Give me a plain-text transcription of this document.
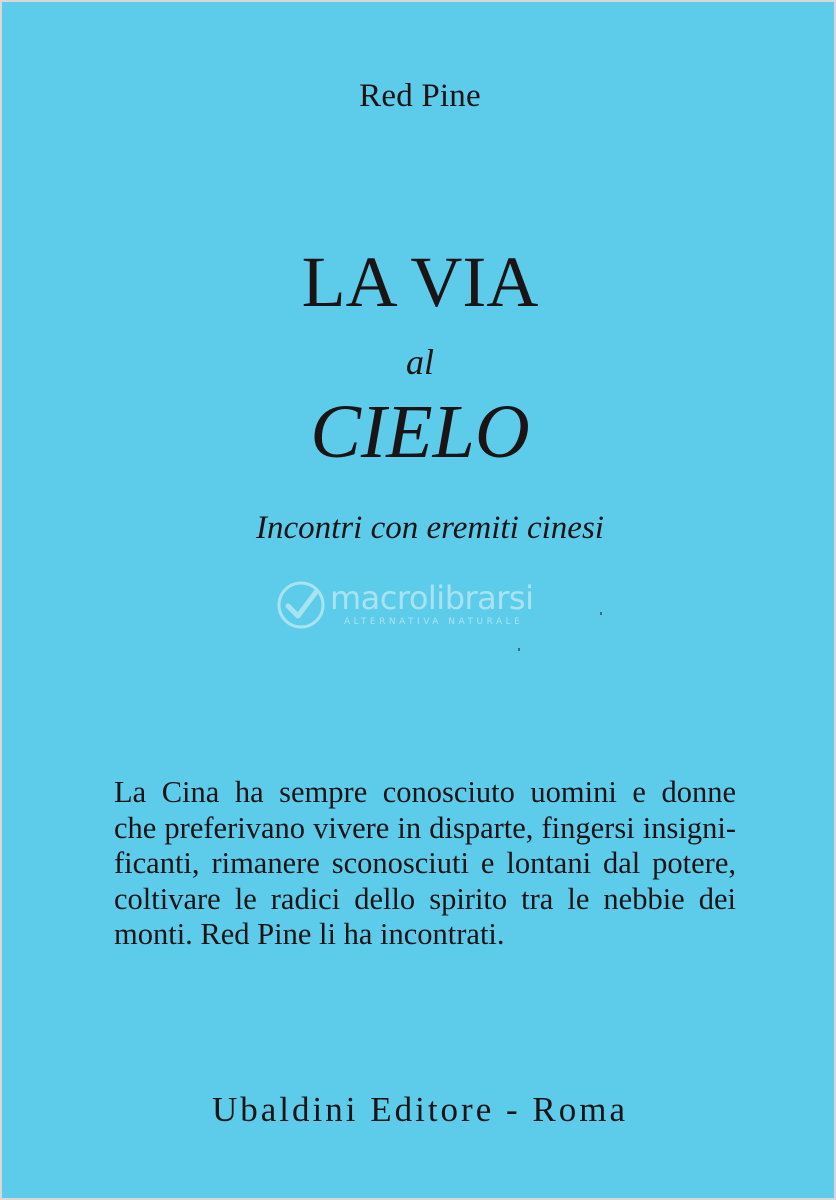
Red Pine
LA VIA
al
CIELO
Incontri con eremiti cinesi
macrolibrarsi
ALTERNATIVA NATURALE
La Cina ha sempre conosciuto uomini e donne
che preferivano vivere in disparte, fingersi insigni-
ficanti, rimanere sconosciuti e lontani dal potere,
coltivare le radici dello spirito tra le nebbie dei
monti. Red Pine li ha incontrati.
Ubaldini Editore - Roma
